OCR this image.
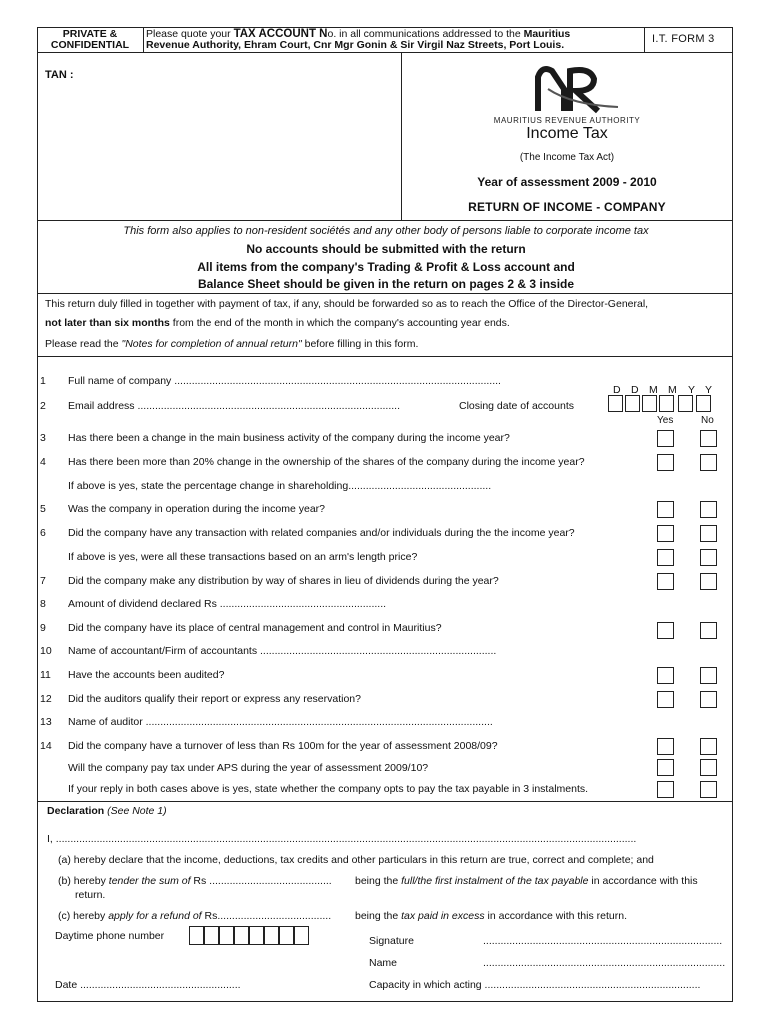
PRIVATE &
CONFIDENTIAL
Please quote your TAX ACCOUNT No. in all communications addressed to the Mauritius
Revenue Authority, Ehram Court, Cnr Mgr Gonin & Sir Virgil Naz Streets, Port Louis.	I.T. FORM 3
TAN :
MAURITIUS REVENUE AUTHORITY
Income Tax
(The Income Tax Act)
Year of assessment 2009 - 2010
RETURN OF INCOME - COMPANY
This form also applies to non-resident sociétés and any other body of persons liable to corporate income tax
No accounts should be submitted with the return
All items from the company's Trading & Profit & Loss account and
Balance Sheet should be given in the return on pages 2 & 3 inside
This return duly filled in together with payment of tax, if any, should be forwarded so as to reach the Office of the Director-General,
not later than six months from the end of the month in which the company's accounting year ends.
Please read the "Notes for completion of annual return" before filling in this form.
D D M M Y Y
Yes	No
1 Full name of company ................................................................................................................
2 Email address ..........................................................................................	Closing date of accounts
3 Has there been a change in the main business activity of the company during the income year?
4 Has there been more than 20% change in the ownership of the shares of the company during the income year?
If above is yes, state the percentage change in shareholding.................................................
5 Was the company in operation during the income year?
6 Did the company have any transaction with related companies and/or individuals during the the income year?
If above is yes, were all these transactions based on an arm's length price?
7 Did the company make any distribution by way of shares in lieu of dividends during the year?
8 Amount of dividend declared Rs .........................................................
9 Did the company have its place of central management and control in Mauritius?
10 Name of accountant/Firm of accountants .................................................................................
11 Have the accounts been audited?
12 Did the auditors qualify their report or express any reservation?
13 Name of auditor .......................................................................................................................
14 Did the company have a turnover of less than Rs 100m for the year of assessment 2008/09?
Will the company pay tax under APS during the year of assessment 2009/10?
If your reply in both cases above is yes, state whether the company opts to pay the tax payable in 3 instalments.
Declaration (See Note 1)
I, .......................................................................................................................................................................................................
(a) hereby declare that the income, deductions, tax credits and other particulars in this return are true, correct and complete; and
(b) hereby tender the sum of Rs .......................................... being the full/the first instalment of the tax payable in accordance with this
return.
(c) hereby apply for a refund of Rs....................................... being the tax paid in excess in accordance with this return.
Daytime phone number	Signature	..................................................................................
Name	...................................................................................
Date .......................................................	Capacity in which acting ..........................................................................
